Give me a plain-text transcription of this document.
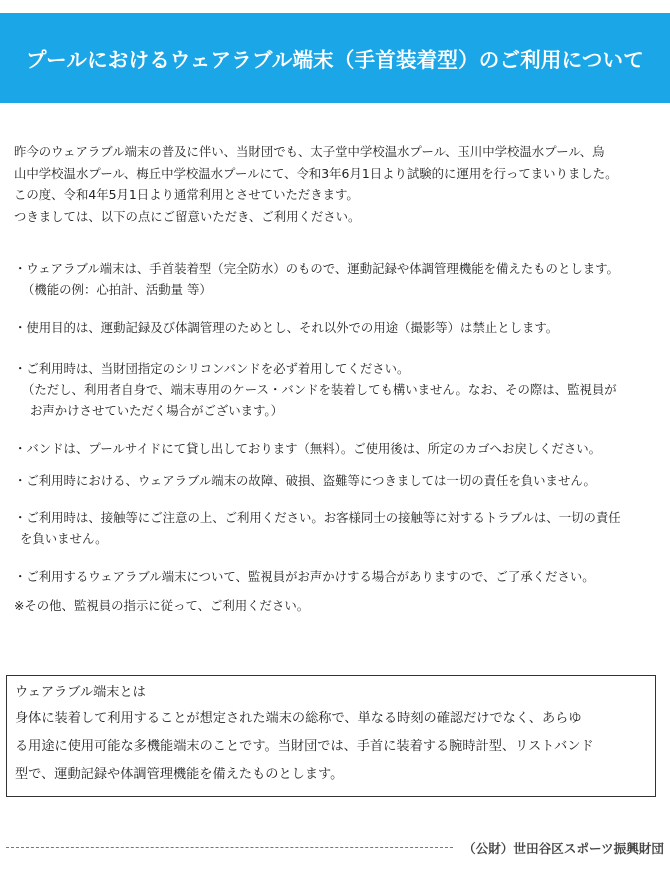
プールにおけるウェアラブル端末（手首装着型）のご利用について

昨今のウェアラブル端末の普及に伴い、当財団でも、太子堂中学校温水プール、玉川中学校温水プール、烏

山中学校温水プール、梅丘中学校温水プールにて、令和3年6月1日より試験的に運用を行ってまいりました。

この度、令和4年5月1日より通常利用とさせていただきます。

つきましては、以下の点にご留意いただき、ご利用ください。

・ウェアラブル端末は、手首装着型（完全防水）のもので、運動記録や体調管理機能を備えたものとします。

（機能の例：心拍計、活動量 等）

・使用目的は、運動記録及び体調管理のためとし、それ以外での用途（撮影等）は禁止とします。

・ご利用時は、当財団指定のシリコンバンドを必ず着用してください。

（ただし、利用者自身で、端末専用のケース・バンドを装着しても構いません。なお、その際は、監視員が

お声かけさせていただく場合がございます。）

・バンドは、プールサイドにて貸し出しております（無料）。ご使用後は、所定のカゴへお戻しください。

・ご利用時における、ウェアラブル端末の故障、破損、盗難等につきましては一切の責任を負いません。

・ご利用時は、接触等にご注意の上、ご利用ください。お客様同士の接触等に対するトラブルは、一切の責任

を負いません。

・ご利用するウェアラブル端末について、監視員がお声かけする場合がありますので、ご了承ください。

※その他、監視員の指示に従って、ご利用ください。

ウェアラブル端末とは

身体に装着して利用することが想定された端末の総称で、単なる時刻の確認だけでなく、あらゆ

る用途に使用可能な多機能端末のことです。当財団では、手首に装着する腕時計型、リストバンド

型で、運動記録や体調管理機能を備えたものとします。

（公財）世田谷区スポーツ振興財団
